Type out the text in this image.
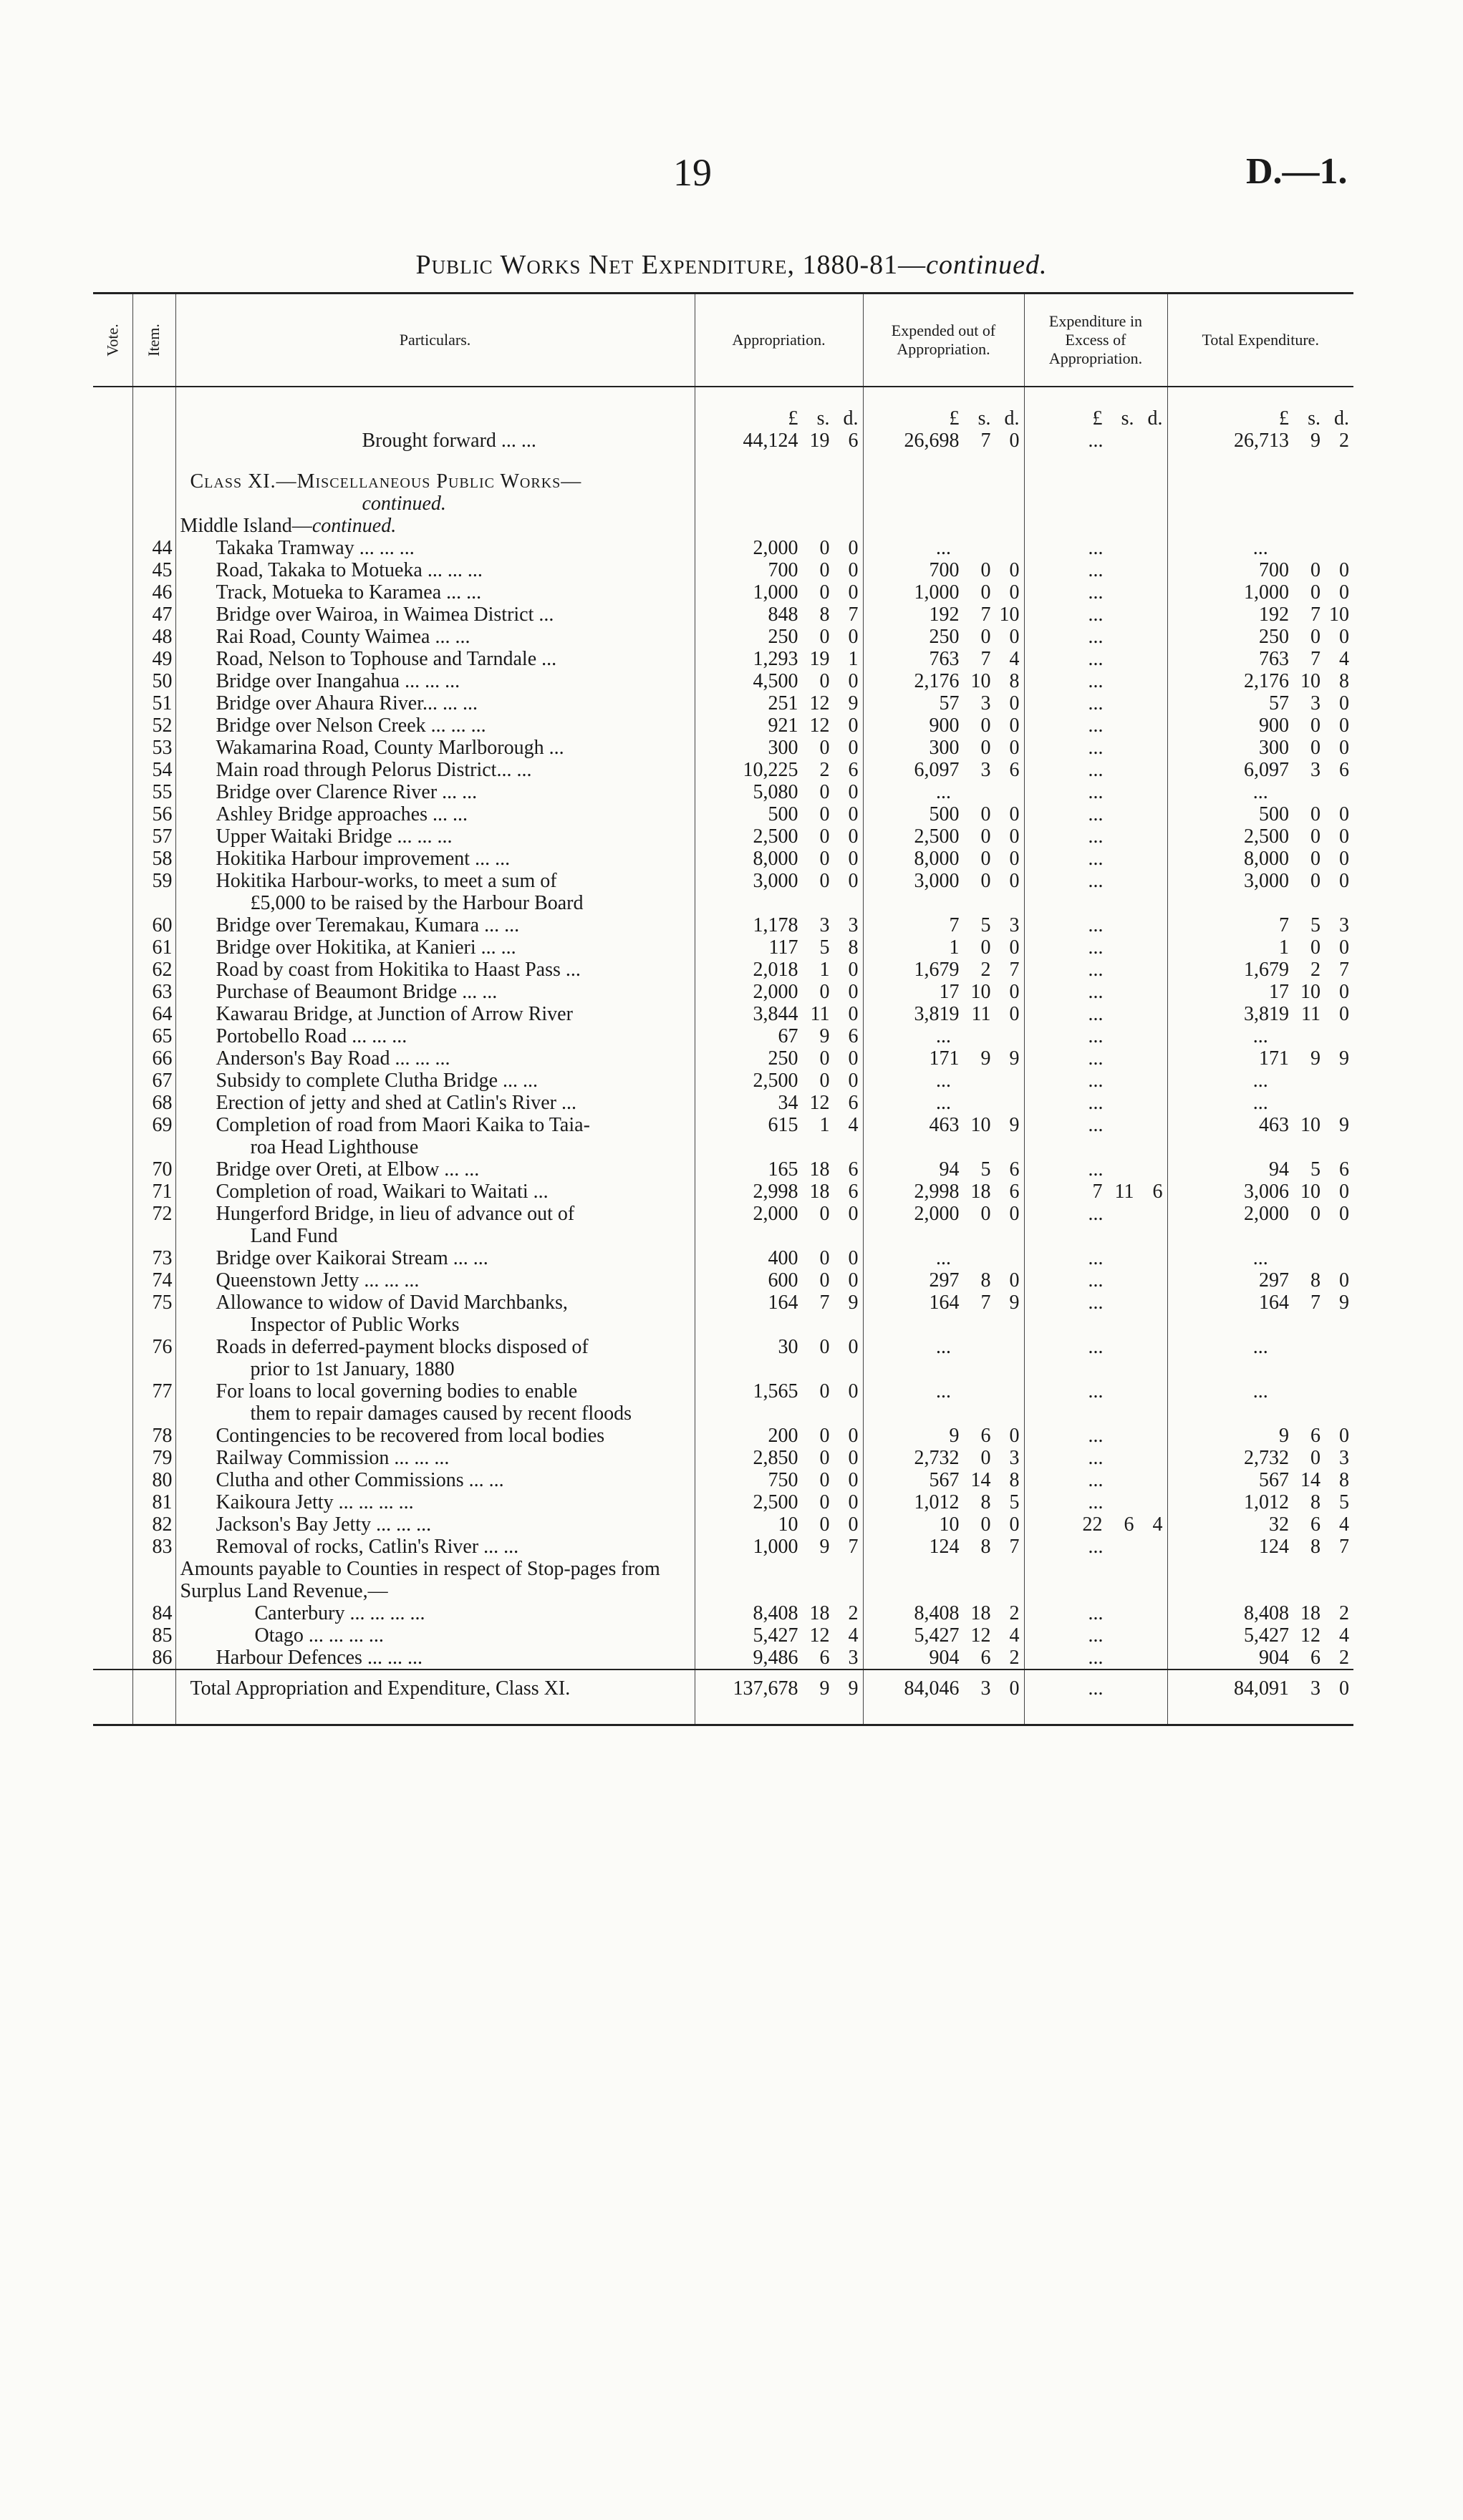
19	D.—1.
Public Works Net Expenditure, 1880-81—continued.
Vote.	Item.	Particulars.	Appropriation.	Expended out of Appropriation.	Expenditure in Excess of Appropriation.	Total Expenditure.

			£ s. d.	£ s. d.	£ s. d.	£ s. d.

		Brought forward ... ...	44,124 19 6	26,698 7 0	...	26,713 9 2

		Class XI.—Miscellaneous Public Works—
continued.				

		Middle Island—continued.				
	44	Takaka Tramway ... ... ...	2,000 0 0	...	...	...
	45	Road, Takaka to Motueka ... ... ...	700 0 0	700 0 0	...	700 0 0

	46	Track, Motueka to Karamea ... ...	1,000 0 0	1,000 0 0	...	1,000 0 0

	47	Bridge over Wairoa, in Waimea District ...	848 8 7	192 7 10	...	192 7 10

	48	Rai Road, County Waimea ... ...	250 0 0	250 0 0	...	250 0 0

	49	Road, Nelson to Tophouse and Tarndale ...	1,293 19 1	763 7 4	...	763 7 4

	50	Bridge over Inangahua ... ... ...	4,500 0 0	2,176 10 8	...	2,176 10 8

	51	Bridge over Ahaura River... ... ...	251 12 9	57 3 0	...	57 3 0

	52	Bridge over Nelson Creek ... ... ...	921 12 0	900 0 0	...	900 0 0

	53	Wakamarina Road, County Marlborough ...	300 0 0	300 0 0	...	300 0 0

	54	Main road through Pelorus District... ...	10,225 2 6	6,097 3 6	...	6,097 3 6

	55	Bridge over Clarence River ... ...	5,080 0 0	...	...	...
	56	Ashley Bridge approaches ... ...	500 0 0	500 0 0	...	500 0 0

	57	Upper Waitaki Bridge ... ... ...	2,500 0 0	2,500 0 0	...	2,500 0 0

	58	Hokitika Harbour improvement ... ...	8,000 0 0	8,000 0 0	...	8,000 0 0

	59	Hokitika Harbour-works, to meet a sum of
£5,000 to be raised by the Harbour Board	3,000 0 0	3,000 0 0	...	3,000 0 0

	60	Bridge over Teremakau, Kumara ... ...	1,178 3 3	7 5 3	...	7 5 3

	61	Bridge over Hokitika, at Kanieri ... ...	117 5 8	1 0 0	...	1 0 0

	62	Road by coast from Hokitika to Haast Pass ...	2,018 1 0	1,679 2 7	...	1,679 2 7

	63	Purchase of Beaumont Bridge ... ...	2,000 0 0	17 10 0	...	17 10 0

	64	Kawarau Bridge, at Junction of Arrow River	3,844 11 0	3,819 11 0	...	3,819 11 0

	65	Portobello Road ... ... ...	67 9 6	...	...	...
	66	Anderson's Bay Road ... ... ...	250 0 0	171 9 9	...	171 9 9

	67	Subsidy to complete Clutha Bridge ... ...	2,500 0 0	...	...	...
	68	Erection of jetty and shed at Catlin's River ...	34 12 6	...	...	...
	69	Completion of road from Maori Kaika to Taia-
roa Head Lighthouse	615 1 4	463 10 9	...	463 10 9

	70	Bridge over Oreti, at Elbow ... ...	165 18 6	94 5 6	...	94 5 6

	71	Completion of road, Waikari to Waitati ...	2,998 18 6	2,998 18 6	7 11 6	3,006 10 0

	72	Hungerford Bridge, in lieu of advance out of
Land Fund	2,000 0 0	2,000 0 0	...	2,000 0 0

	73	Bridge over Kaikorai Stream ... ...	400 0 0	...	...	...
	74	Queenstown Jetty ... ... ...	600 0 0	297 8 0	...	297 8 0

	75	Allowance to widow of David Marchbanks,
Inspector of Public Works	164 7 9	164 7 9	...	164 7 9

	76	Roads in deferred-payment blocks disposed of
prior to 1st January, 1880	30 0 0	...	...	...
	77	For loans to local governing bodies to enable
them to repair damages caused by recent floods	1,565 0 0	...	...	...
	78	Contingencies to be recovered from local bodies	200 0 0	9 6 0	...	9 6 0

	79	Railway Commission ... ... ...	2,850 0 0	2,732 0 3	...	2,732 0 3

	80	Clutha and other Commissions ... ...	750 0 0	567 14 8	...	567 14 8

	81	Kaikoura Jetty ... ... ... ...	2,500 0 0	1,012 8 5	...	1,012 8 5

	82	Jackson's Bay Jetty ... ... ...	10 0 0	10 0 0	22 6 4	32 6 4

	83	Removal of rocks, Catlin's River ... ...	1,000 9 7	124 8 7	...	124 8 7

		Amounts payable to Counties in respect of Stop-pages from Surplus Land Revenue,—				
	84	Canterbury ... ... ... ...	8,408 18 2	8,408 18 2	...	8,408 18 2

	85	Otago ... ... ... ...	5,427 12 4	5,427 12 4	...	5,427 12 4

	86	Harbour Defences ... ... ...	9,486 6 3	904 6 2	...	904 6 2

		Total Appropriation and Expenditure, Class XI.	137,678 9 9	84,046 3 0	...	84,091 3 0
